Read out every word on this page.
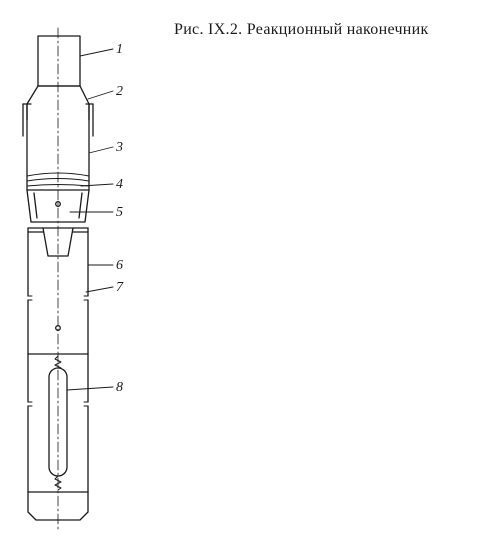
Рис. IX.2. Реакционный наконечник
1
2
3
4
5
6
7
8
